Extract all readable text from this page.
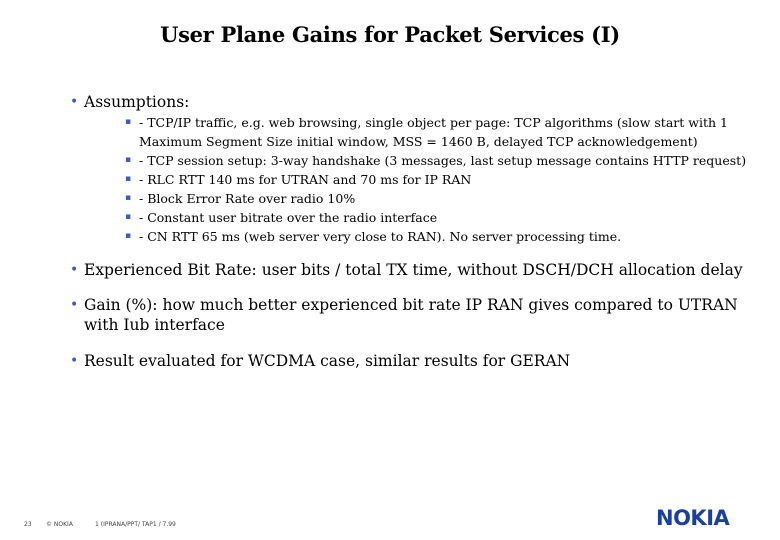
User Plane Gains for Packet Services (I)
• Assumptions:
▪ - TCP/IP traffic, e.g. web browsing, single object per page: TCP algorithms (slow start with 1
Maximum Segment Size initial window, MSS = 1460 B, delayed TCP acknowledgement)
▪ - TCP session setup: 3-way handshake (3 messages, last setup message contains HTTP request)
▪ - RLC RTT 140 ms for UTRAN and 70 ms for IP RAN
▪ - Block Error Rate over radio 10%
▪ - Constant user bitrate over the radio interface
▪ - CN RTT 65 ms (web server very close to RAN). No server processing time.
• Experienced Bit Rate: user bits / total TX time, without DSCH/DCH allocation delay
• Gain (%): how much better experienced bit rate IP RAN gives compared to UTRAN
with Iub interface
• Result evaluated for WCDMA case, similar results for GERAN
23 © NOKIA	1 (IPRANA/PPT/ TAP1 / 7.99	NOKIA
